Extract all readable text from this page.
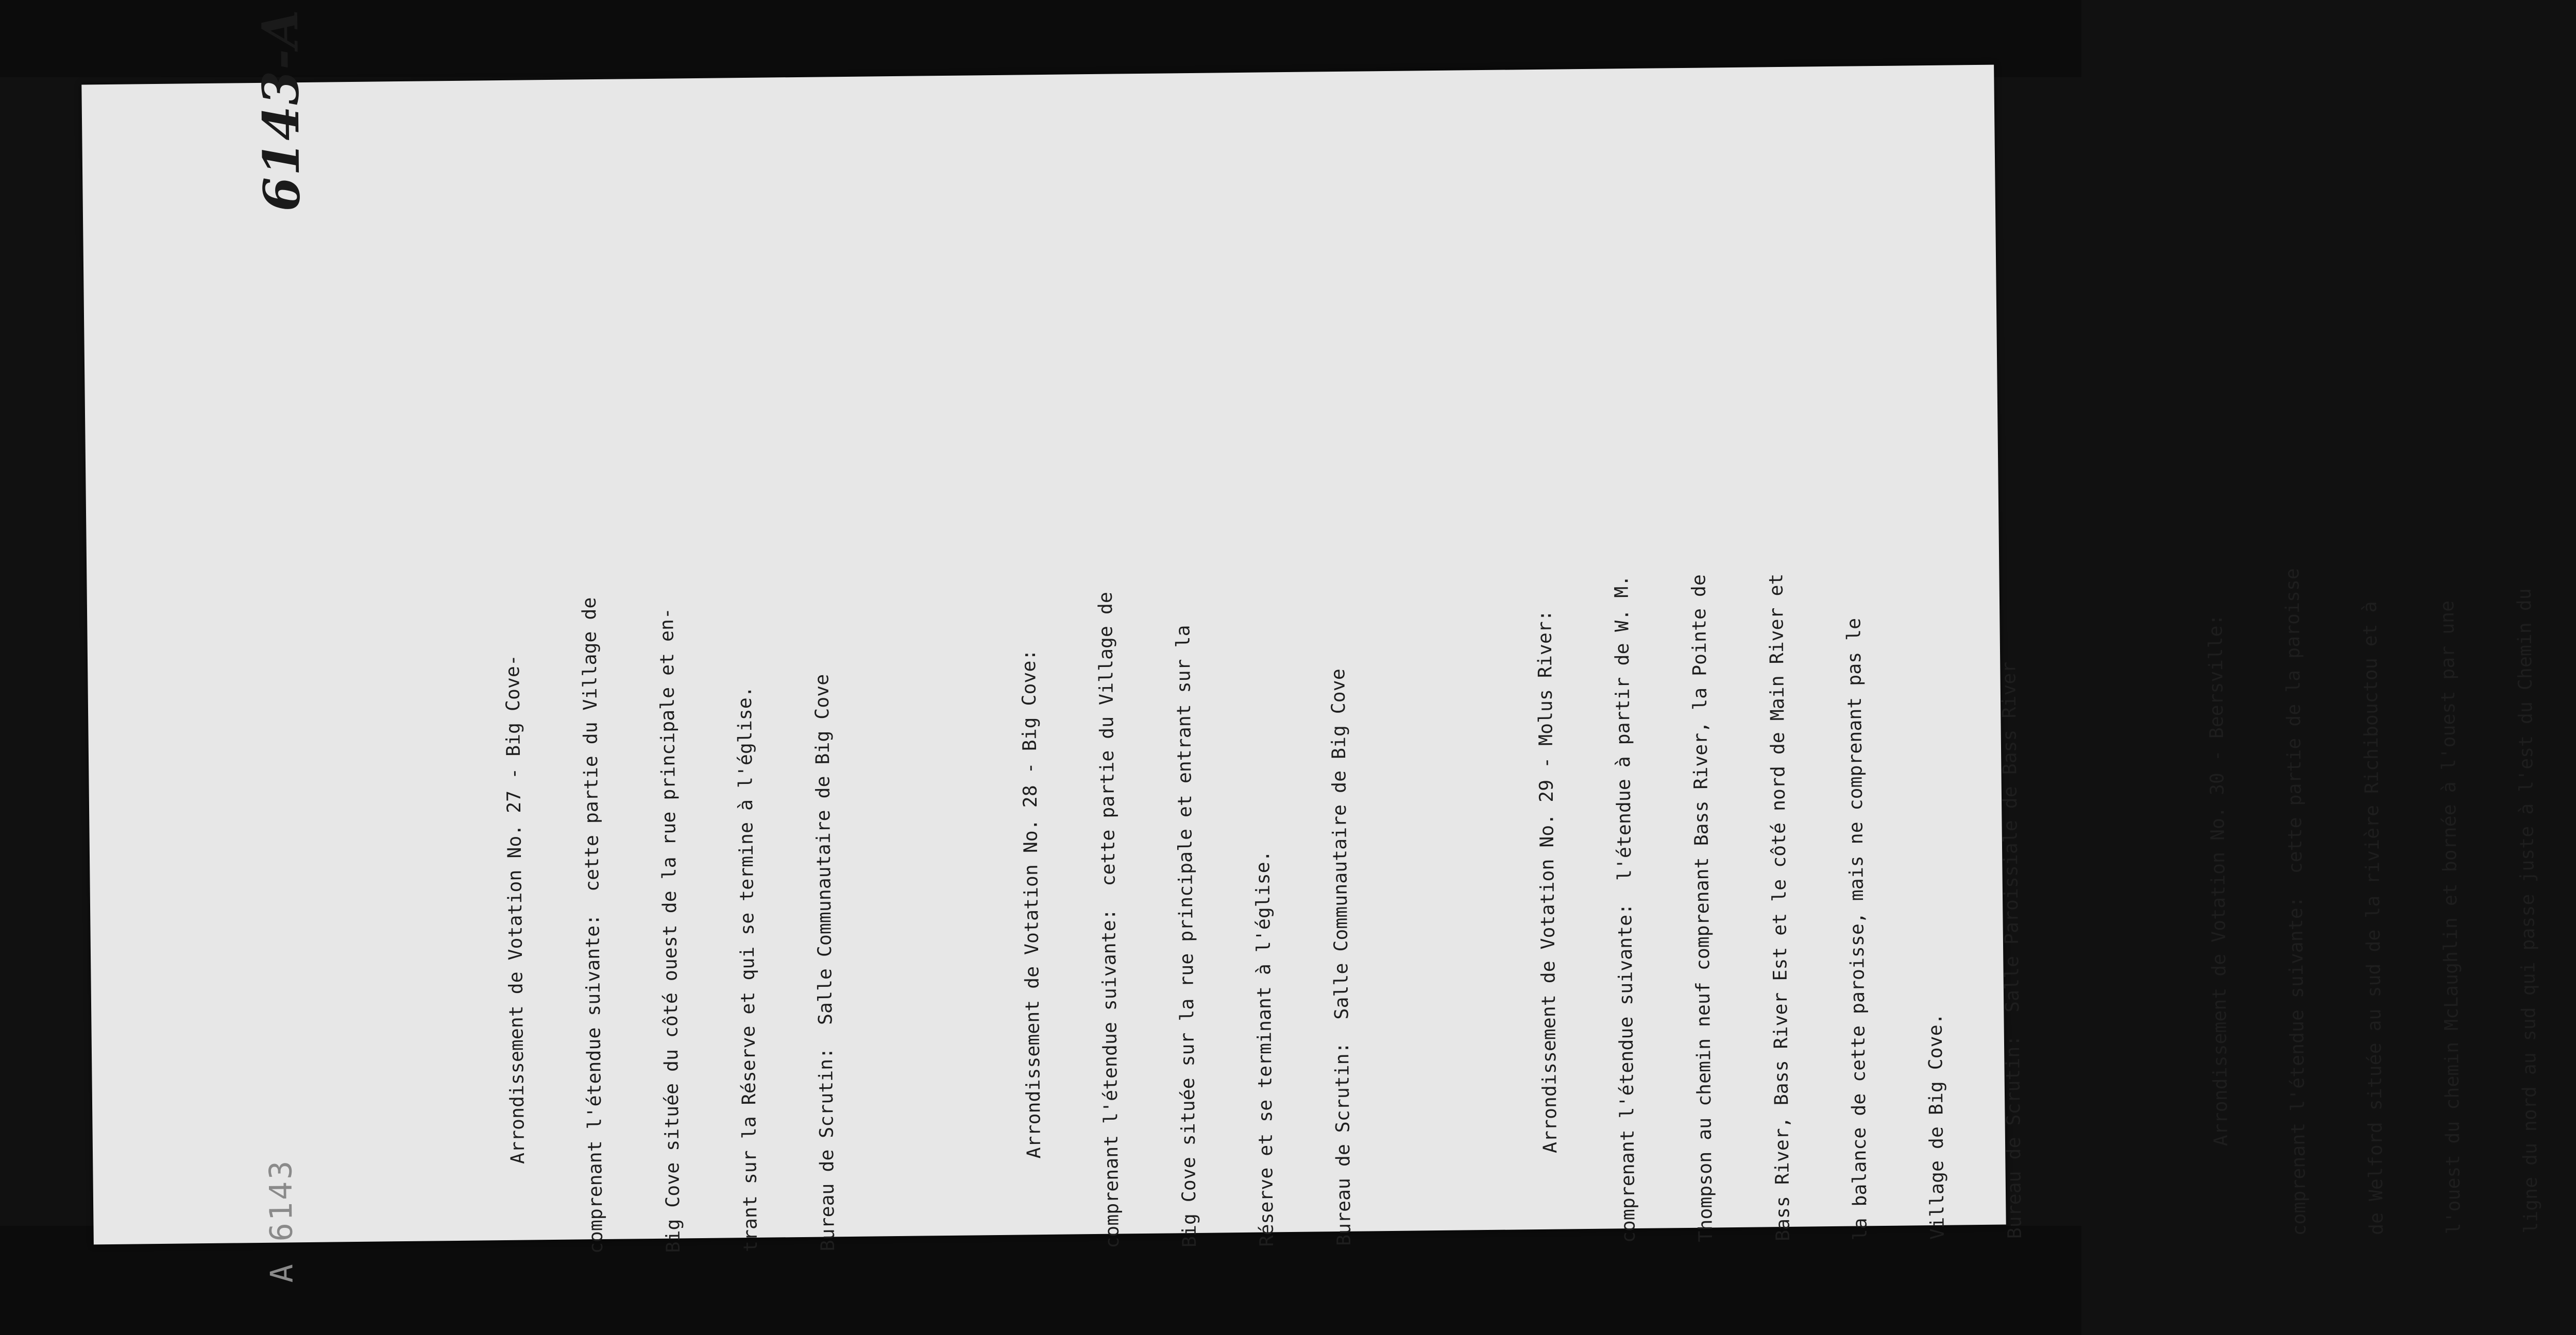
6143-A
A 6143

	Arrondissement de Votation No. 27 - Big Cove-

	comprenant l'étendue suivante:  cette partie du Village de

	Big Cove située du côté ouest de la rue principale et en-

	trant sur la Réserve et qui se termine à l'église.

	Bureau de Scrutin:  Salle Communautaire de Big Cove

	Arrondissement de Votation No. 28 - Big Cove:

	comprenant l'étendue suivante:  cette partie du Village de

	Big Cove située sur la rue principale et entrant sur la

	Réserve et se terminant à l'église.

	Bureau de Scrutin:  Salle Communautaire de Big Cove

	Arrondissement de Votation No. 29 - Molus River:

	comprenant l'étendue suivante:  l'étendue à partir de W. M.

	Thompson au chemin neuf comprenant Bass River, la Pointe de

	Bass River, Bass River Est et le côté nord de Main River et

	la balance de cette paroisse, mais ne comprenant pas le

	Village de Big Cove.

	Bureau de Scrutin:  Salle Paroissiale de Bass River

	Arrondissement de Votation No. 30 - Beersville:

	comprenant l'étendue suivante:  cette partie de la paroisse

	de Welford située au sud de la rivière Richibouctou et à

	l'ouest du chemin McLaughlin et bornée à l'ouest par une

	ligne du nord au sud qui passe juste à l'est du Chemin du
